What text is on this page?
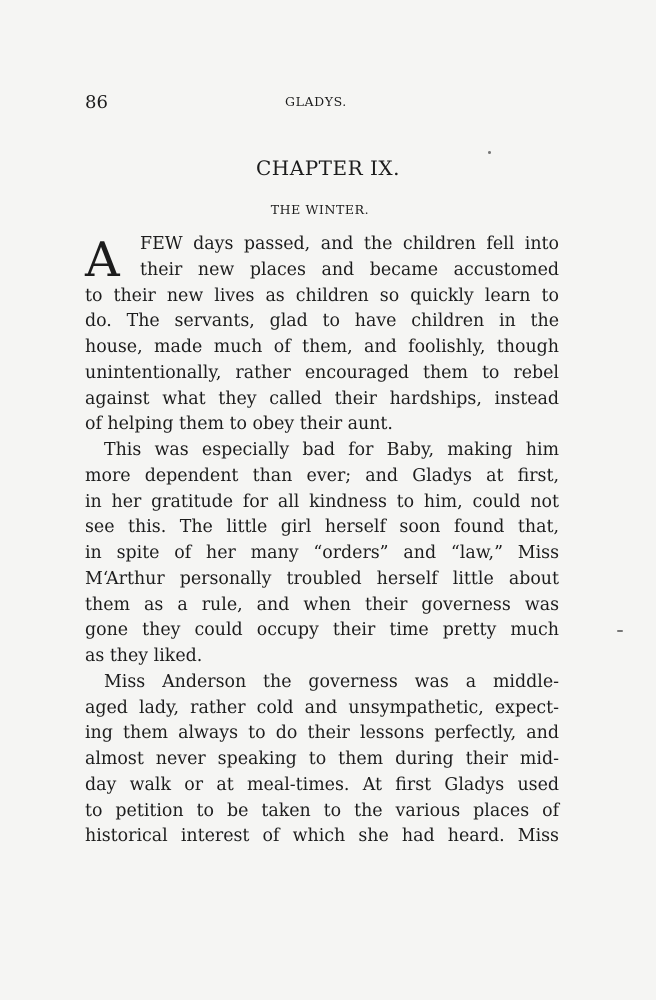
86	GLADYS.
CHAPTER IX.
THE WINTER.
A	FEW days passed, and the children fell into
their new places and became accustomed
to their new lives as children so quickly learn to
do. The servants, glad to have children in the
house, made much of them, and foolishly, though
unintentionally, rather encouraged them to rebel
against what they called their hardships, instead
of helping them to obey their aunt.
This was especially bad for Baby, making him
more dependent than ever; and Gladys at first,
in her gratitude for all kindness to him, could not
see this. The little girl herself soon found that,
in spite of her many “orders” and “law,” Miss
M‘Arthur personally troubled herself little about
them as a rule, and when their governess was
gone they could occupy their time pretty much
as they liked.
Miss Anderson the governess was a middle-
aged lady, rather cold and unsympathetic, expect-
ing them always to do their lessons perfectly, and
almost never speaking to them during their mid-
day walk or at meal-times. At first Gladys used
to petition to be taken to the various places of
historical interest of which she had heard. Miss
